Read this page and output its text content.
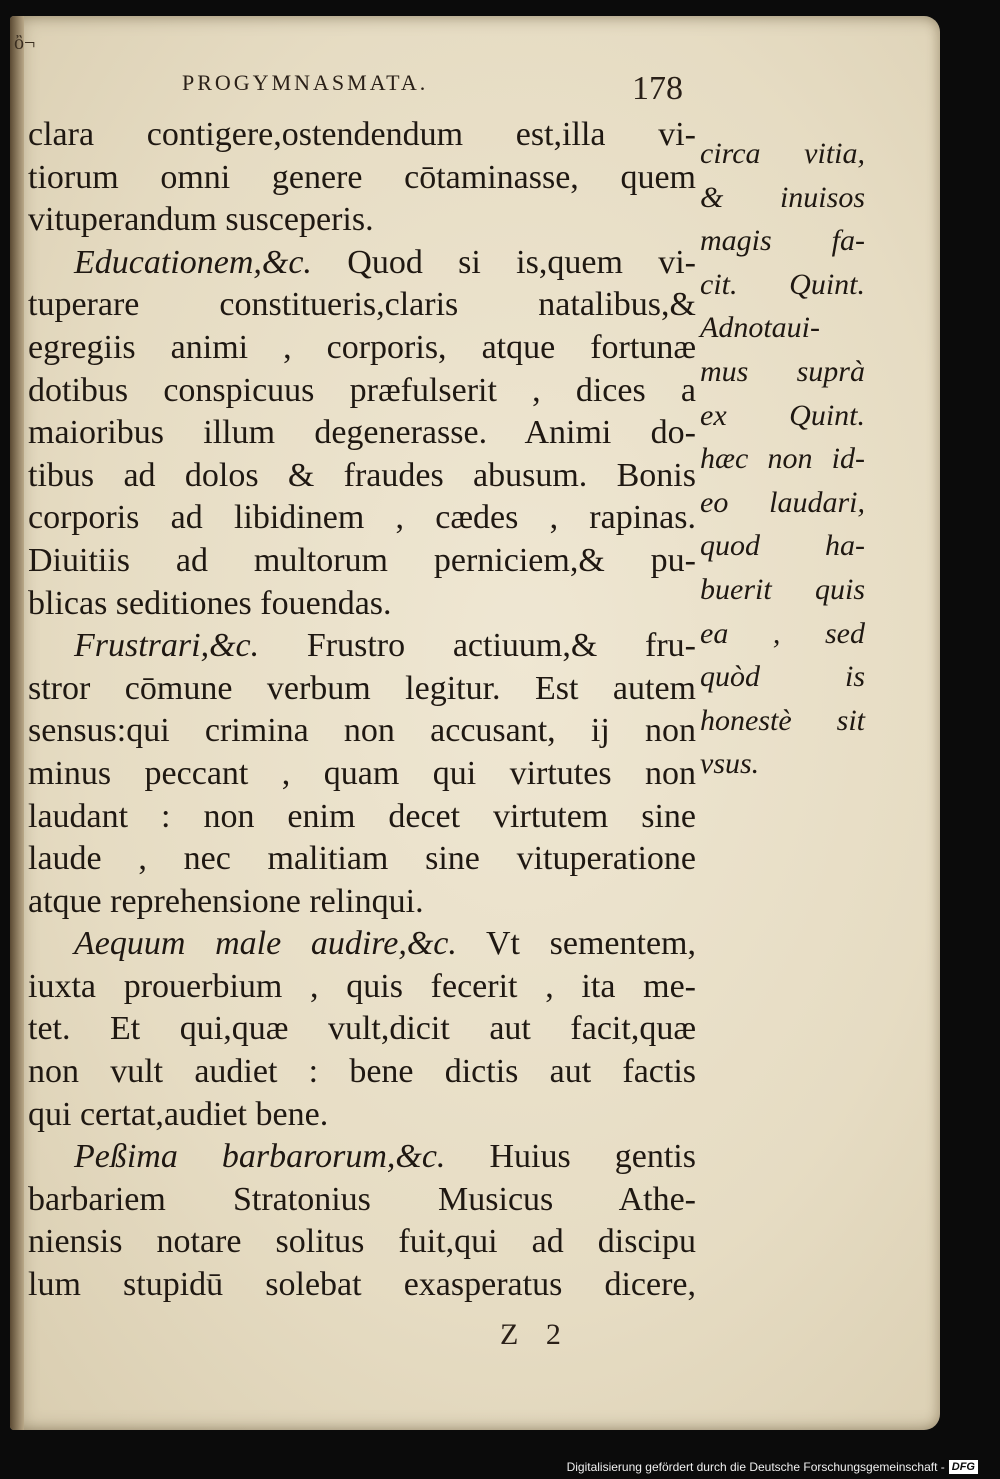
ὂ¬
PROGYMNASMATA.	178
clara contigere,ostendendum est,illa vi-
tiorum omni genere cōtaminasse, quem
vituperandum susceperis.
Educationem,&c. Quod si is,quem vi-
tuperare constitueris,claris natalibus,&
egregiis animi , corporis, atque fortunæ
dotibus conspicuus præfulserit , dices a
maioribus illum degenerasse. Animi do-
tibus ad dolos & fraudes abusum. Bonis
corporis ad libidinem , cædes , rapinas.
Diuitiis ad multorum perniciem,& pu-
blicas seditiones fouendas.
Frustrari,&c. Frustro actiuum,& fru-
stror cōmune verbum legitur. Est autem
sensus:qui crimina non accusant, ij non
minus peccant , quam qui virtutes non
laudant : non enim decet virtutem sine
laude , nec malitiam sine vituperatione
atque reprehensione relinqui.
Aequum male audire,&c. Vt sementem,
iuxta prouerbium , quis fecerit , ita me-
tet. Et qui,quæ vult,dicit aut facit,quæ
non vult audiet : bene dictis aut factis
qui certat,audiet bene.
Peßima barbarorum,&c. Huius gentis
barbariem Stratonius Musicus Athe-
niensis notare solitus fuit,qui ad discipu
lum stupidū solebat exasperatus dicere,
circa vitia,
& inuisos
magis fa-
cit. Quint.
Adnotaui-
mus suprà
ex Quint.
hæc non id-
eo laudari,
quod ha-
buerit quis
ea , sed
quòd is
honestè sit
vsus.
Z 2
Digitalisierung gefördert durch die Deutsche Forschungsgemeinschaft - DFG
